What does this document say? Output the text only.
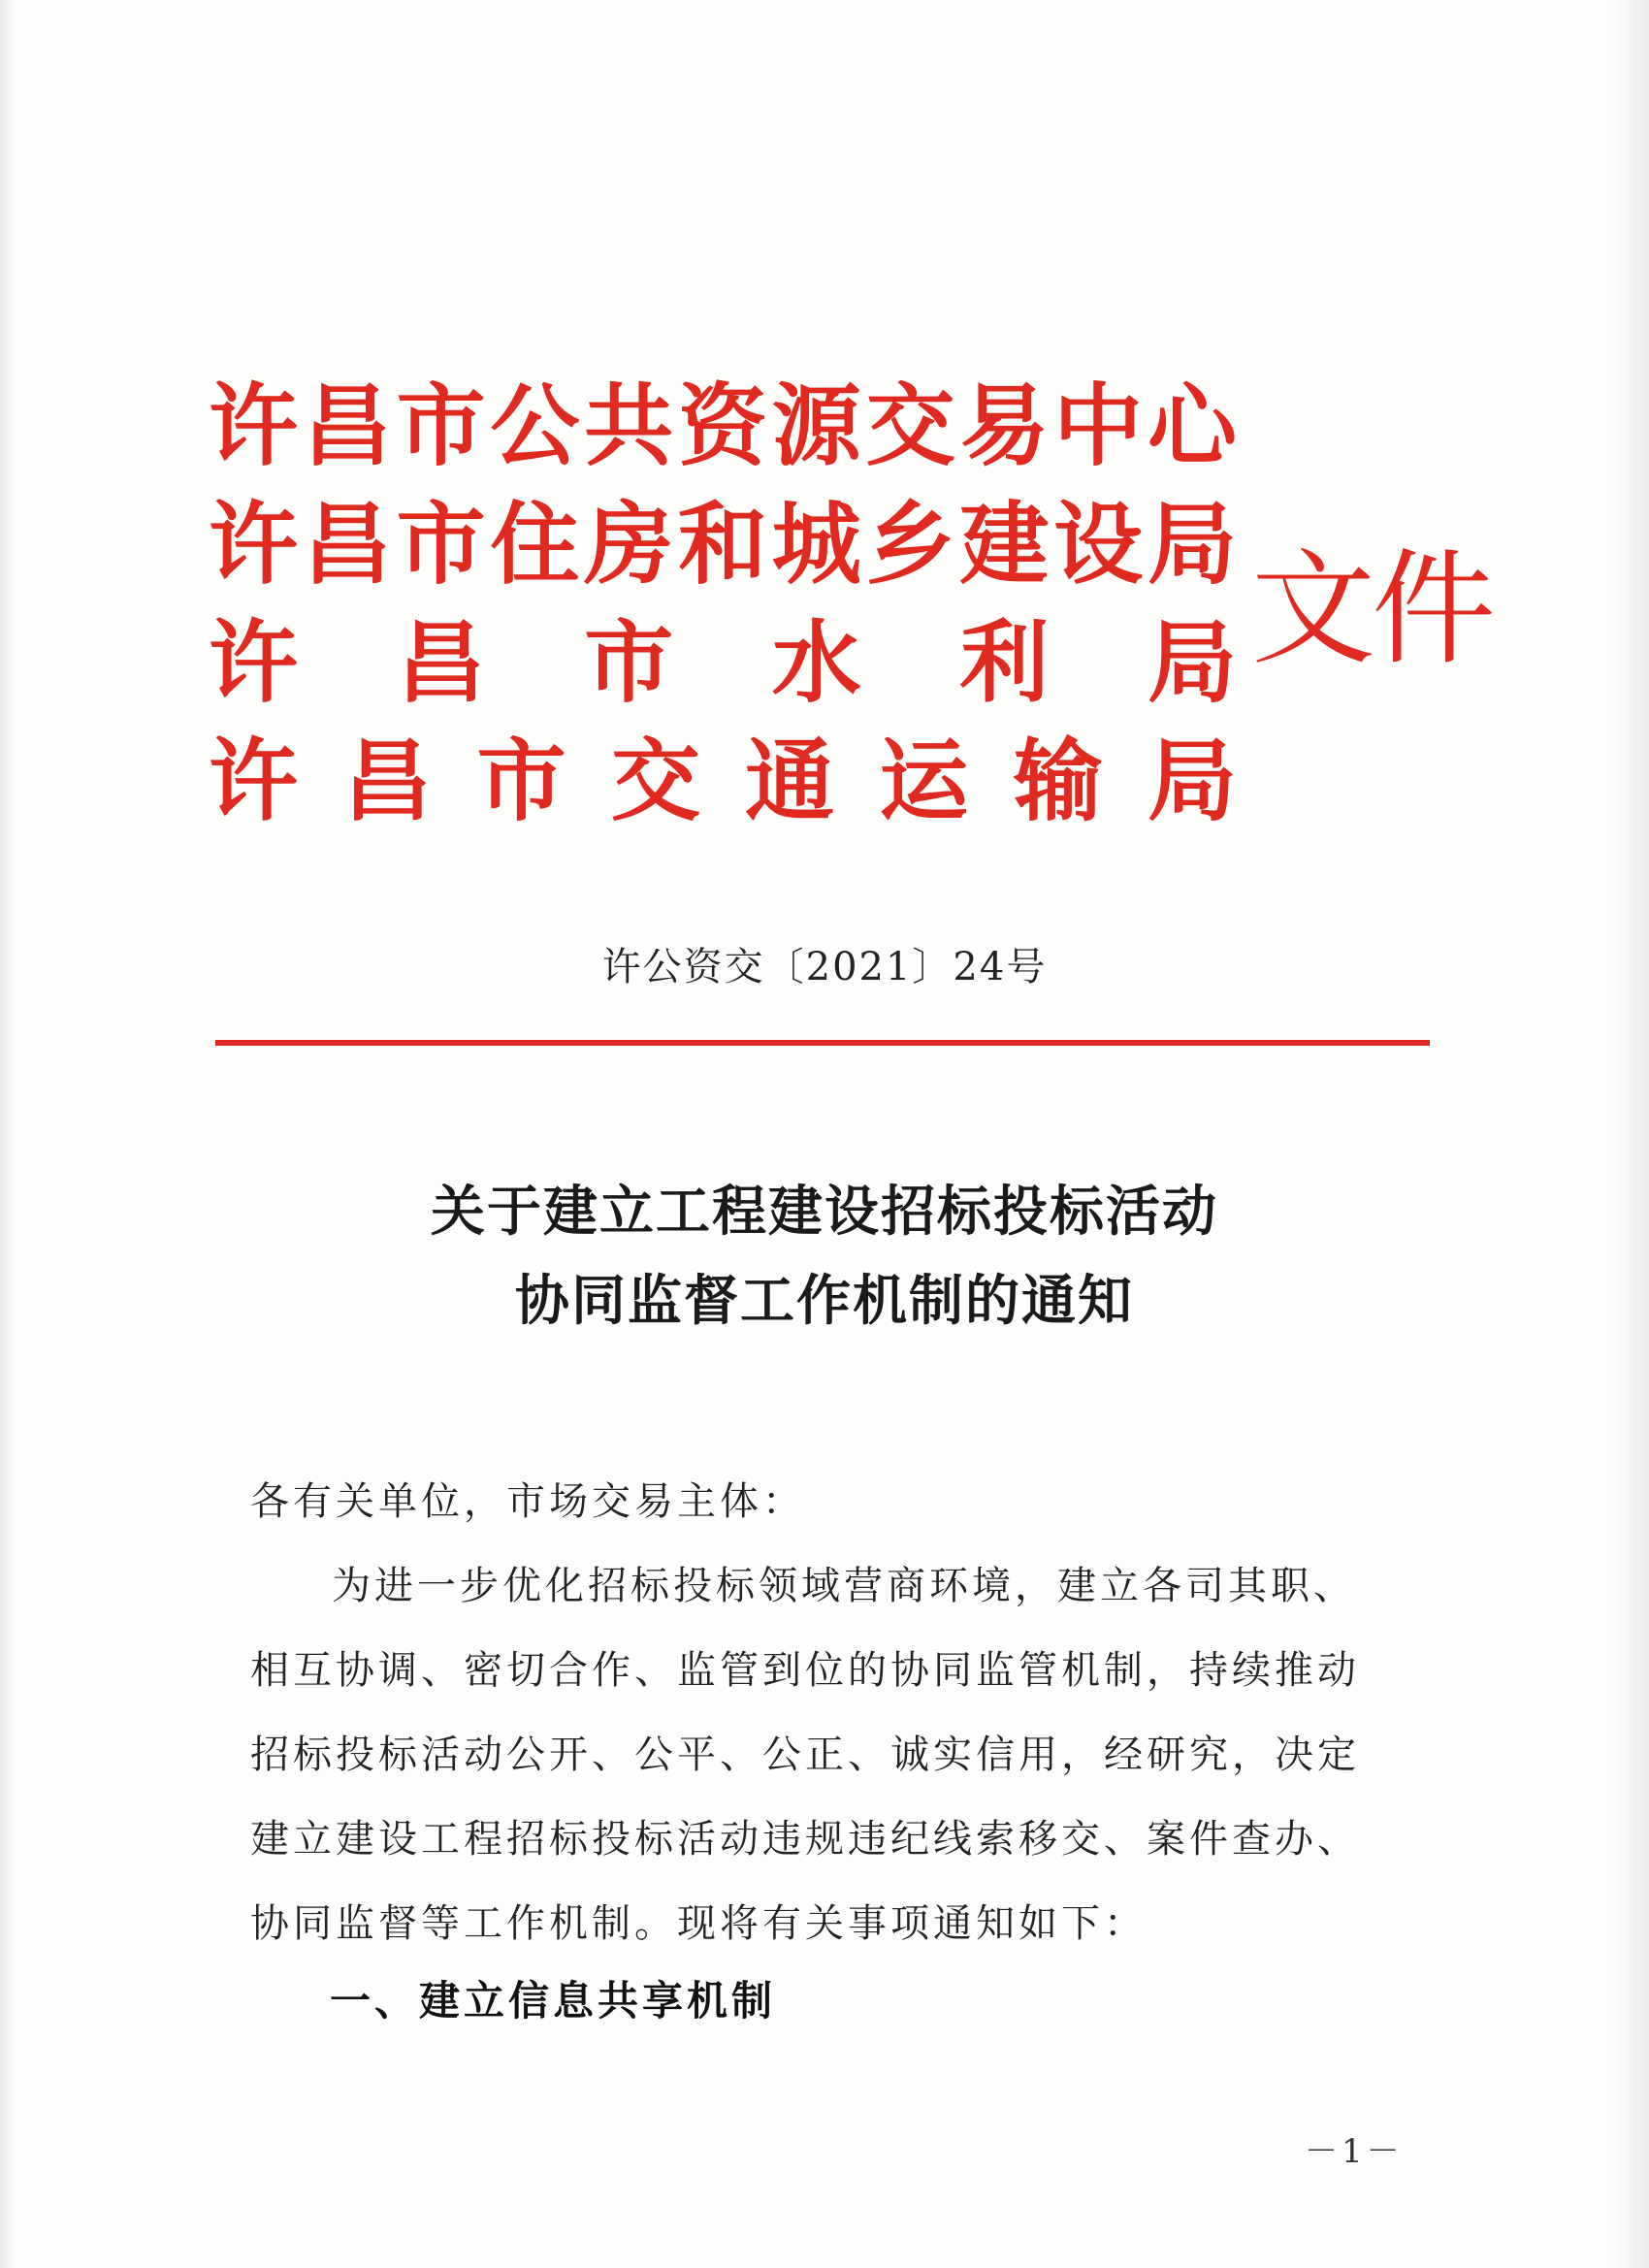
许 昌 市 公 共 资 源 交 易 中 心
许 昌 市 住 房 和 城 乡 建 设 局
许 昌 市 水 利 局
许 昌 市 交 通 运 输 局
文件
许公资交〔2021〕24号
关于建立工程建设招标投标活动
协同监督工作机制的通知

各有关单位，市场交易主体：

为进一步优化招标投标领域营商环境，建立各司其职、相互协调、密切合作、监管到位的协同监管机制，持续推动招标投标活动公开、公平、公正、诚实信用，经研究，决定建立建设工程招标投标活动违规违纪线索移交、案件查办、协同监督等工作机制。现将有关事项通知如下：

一、建立信息共享机制
－1－
